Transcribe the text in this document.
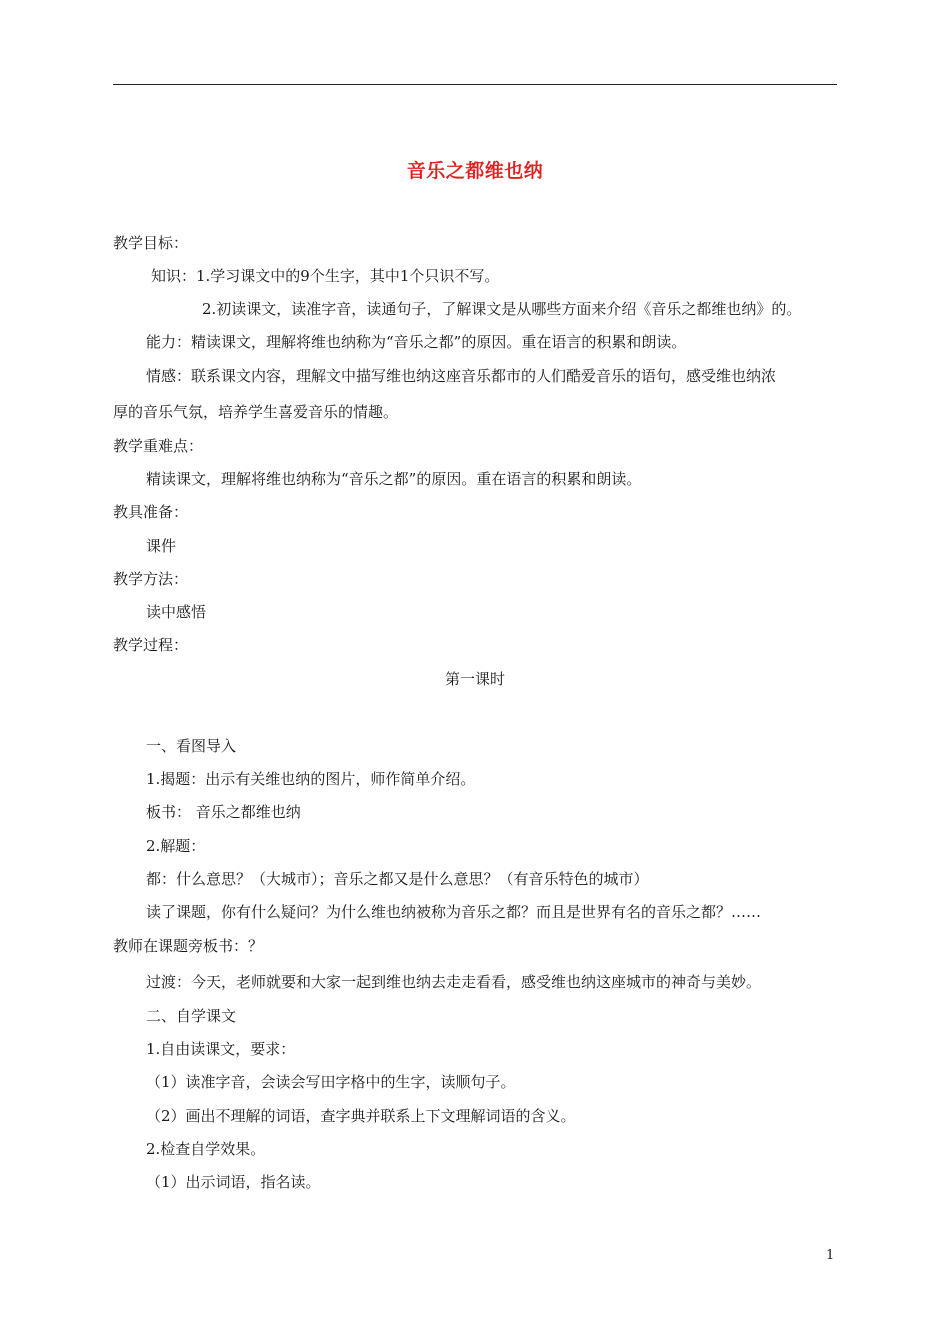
音乐之都维也纳
教学目标：
知识：1.学习课文中的9个生字，其中1个只识不写。
2.初读课文，读准字音，读通句子，了解课文是从哪些方面来介绍《音乐之都维也纳》的。
能力：精读课文，理解将维也纳称为“音乐之都”的原因。重在语言的积累和朗读。
情感：联系课文内容，理解文中描写维也纳这座音乐都市的人们酷爱音乐的语句，感受维也纳浓
厚的音乐气氛，培养学生喜爱音乐的情趣。
教学重难点：
精读课文，理解将维也纳称为“音乐之都”的原因。重在语言的积累和朗读。
教具准备：
课件
教学方法：
读中感悟
教学过程：
第一课时
一、看图导入
1.揭题：出示有关维也纳的图片，师作简单介绍。
板书： 音乐之都维也纳
2.解题：
都：什么意思？（大城市）；音乐之都又是什么意思？（有音乐特色的城市）
读了课题，你有什么疑问？为什么维也纳被称为音乐之都？而且是世界有名的音乐之都？……
教师在课题旁板书：？
过渡：今天，老师就要和大家一起到维也纳去走走看看，感受维也纳这座城市的神奇与美妙。
二、自学课文
1.自由读课文，要求：
（1）读准字音，会读会写田字格中的生字，读顺句子。
（2）画出不理解的词语，查字典并联系上下文理解词语的含义。
2.检查自学效果。
（1）出示词语，指名读。
1
